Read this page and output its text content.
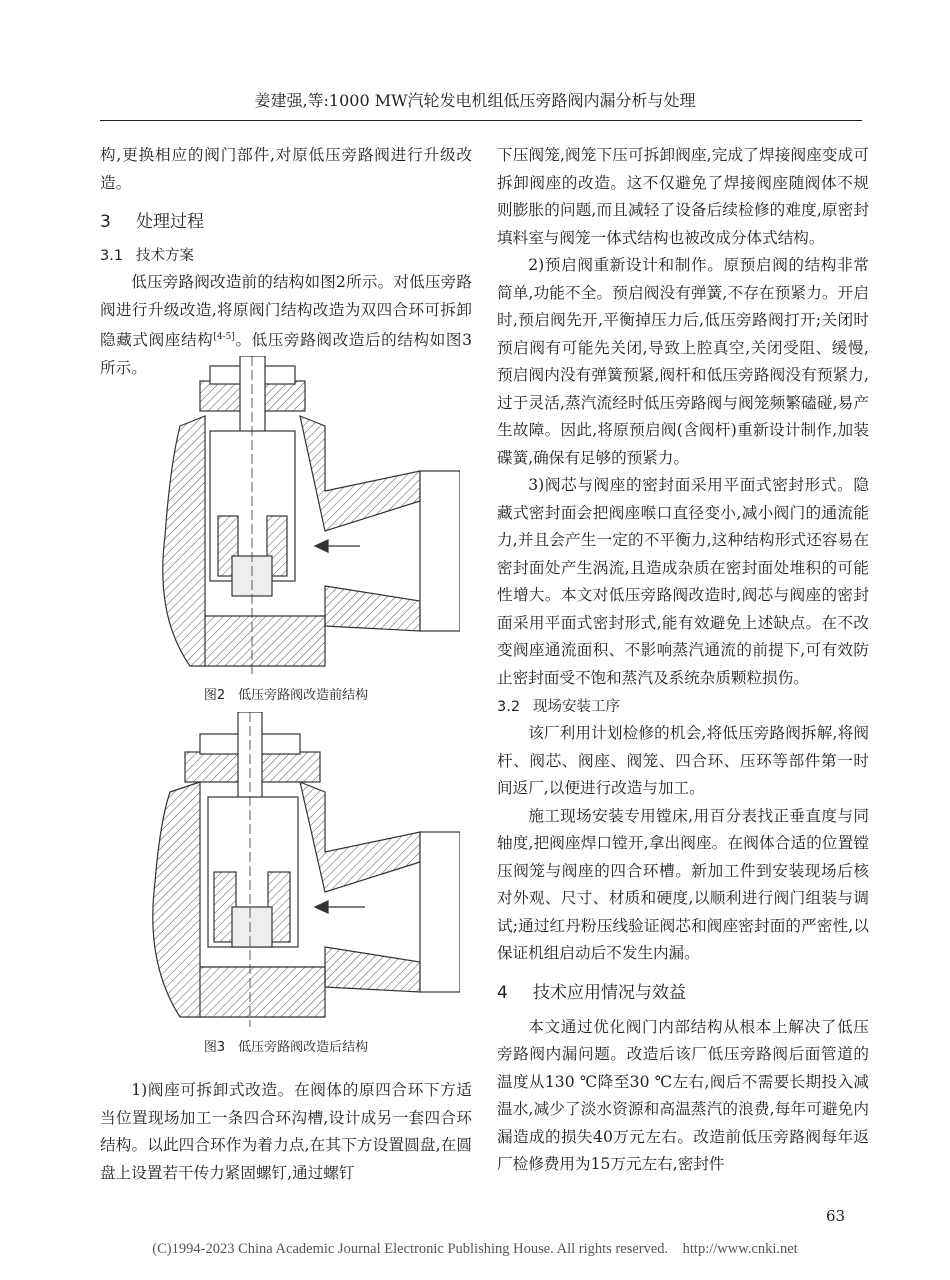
姜建强,等:1000 MW汽轮发电机组低压旁路阀内漏分析与处理

构,更换相应的阀门部件,对原低压旁路阀进行升级改造。

3 处理过程
3.1 技术方案

低压旁路阀改造前的结构如图2所示。对低压旁路阀进行升级改造,将原阀门结构改造为双四合环可拆卸隐藏式阀座结构[4-5]。低压旁路阀改造后的结构如图3所示。

图2　低压旁路阀改造前结构
图3　低压旁路阀改造后结构

1)阀座可拆卸式改造。在阀体的原四合环下方适当位置现场加工一条四合环沟槽,设计成另一套四合环结构。以此四合环作为着力点,在其下方设置圆盘,在圆盘上设置若干传力紧固螺钉,通过螺钉

下压阀笼,阀笼下压可拆卸阀座,完成了焊接阀座变成可拆卸阀座的改造。这不仅避免了焊接阀座随阀体不规则膨胀的问题,而且减轻了设备后续检修的难度,原密封填料室与阀笼一体式结构也被改成分体式结构。

2)预启阀重新设计和制作。原预启阀的结构非常简单,功能不全。预启阀没有弹簧,不存在预紧力。开启时,预启阀先开,平衡掉压力后,低压旁路阀打开;关闭时预启阀有可能先关闭,导致上腔真空,关闭受阻、缓慢,预启阀内没有弹簧预紧,阀杆和低压旁路阀没有预紧力,过于灵活,蒸汽流经时低压旁路阀与阀笼频繁磕碰,易产生故障。因此,将原预启阀(含阀杆)重新设计制作,加装碟簧,确保有足够的预紧力。

3)阀芯与阀座的密封面采用平面式密封形式。隐藏式密封面会把阀座喉口直径变小,减小阀门的通流能力,并且会产生一定的不平衡力,这种结构形式还容易在密封面处产生涡流,且造成杂质在密封面处堆积的可能性增大。本文对低压旁路阀改造时,阀芯与阀座的密封面采用平面式密封形式,能有效避免上述缺点。在不改变阀座通流面积、不影响蒸汽通流的前提下,可有效防止密封面受不饱和蒸汽及系统杂质颗粒损伤。

3.2 现场安装工序

该厂利用计划检修的机会,将低压旁路阀拆解,将阀杆、阀芯、阀座、阀笼、四合环、压环等部件第一时间返厂,以便进行改造与加工。

施工现场安装专用镗床,用百分表找正垂直度与同轴度,把阀座焊口镗开,拿出阀座。在阀体合适的位置镗压阀笼与阀座的四合环槽。新加工件到安装现场后核对外观、尺寸、材质和硬度,以顺利进行阀门组装与调试;通过红丹粉压线验证阀芯和阀座密封面的严密性,以保证机组启动后不发生内漏。

4 技术应用情况与效益

本文通过优化阀门内部结构从根本上解决了低压旁路阀内漏问题。改造后该厂低压旁路阀后面管道的温度从130 ℃降至30 ℃左右,阀后不需要长期投入减温水,减少了淡水资源和高温蒸汽的浪费,每年可避免内漏造成的损失40万元左右。改造前低压旁路阀每年返厂检修费用为15万元左右,密封件

63
(C)1994-2023 China Academic Journal Electronic Publishing House. All rights reserved.　http://www.cnki.net
